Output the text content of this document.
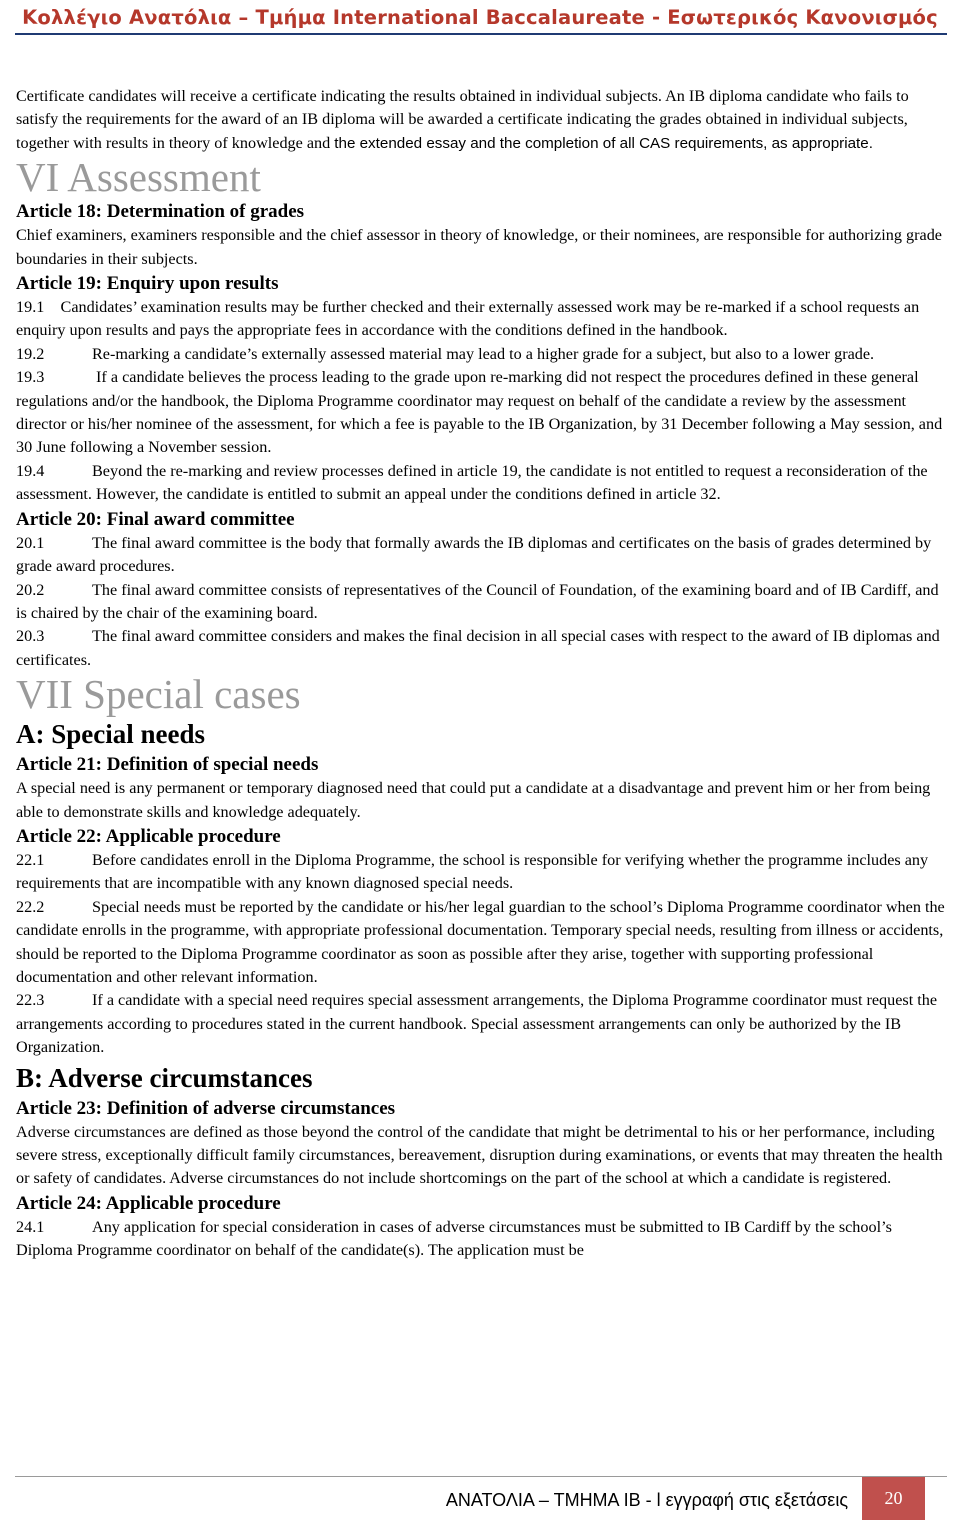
Κολλέγιο Ανατόλια – Τμήμα International Baccalaureate - Εσωτερικός Κανονισμός

Certificate candidates will receive a certificate indicating the results obtained in individual subjects. An IB diploma candidate who fails to satisfy the requirements for the award of an IB diploma will be awarded a certificate indicating the grades obtained in individual subjects, together with results in theory of knowledge and the extended essay and the completion of all CAS requirements, as appropriate.

VI Assessment
Article 18: Determination of grades

Chief examiners, examiners responsible and the chief assessor in theory of knowledge, or their nominees, are responsible for authorizing grade boundaries in their subjects.

Article 19: Enquiry upon results

19.1 Candidates’ examination results may be further checked and their externally assessed work may be re-marked if a school requests an enquiry upon results and pays the appropriate fees in accordance with the conditions defined in the handbook.

19.2	Re-marking a candidate’s externally assessed material may lead to a higher grade for a subject, but also to a lower grade.

19.3	If a candidate believes the process leading to the grade upon re-marking did not respect the procedures defined in these general regulations and/or the handbook, the Diploma Programme coordinator may request on behalf of the candidate a review by the assessment director or his/her nominee of the assessment, for which a fee is payable to the IB Organization, by 31 December following a May session, and 30 June following a November session.

19.4	Beyond the re-marking and review processes defined in article 19, the candidate is not entitled to request a reconsideration of the assessment. However, the candidate is entitled to submit an appeal under the conditions defined in article 32.

Article 20: Final award committee

20.1	The final award committee is the body that formally awards the IB diplomas and certificates on the basis of grades determined by grade award procedures.

20.2	The final award committee consists of representatives of the Council of Foundation, of the examining board and of IB Cardiff, and is chaired by the chair of the examining board.

20.3	The final award committee considers and makes the final decision in all special cases with respect to the award of IB diplomas and certificates.

VII Special cases
A: Special needs
Article 21: Definition of special needs

A special need is any permanent or temporary diagnosed need that could put a candidate at a disadvantage and prevent him or her from being able to demonstrate skills and knowledge adequately.

Article 22: Applicable procedure

22.1	Before candidates enroll in the Diploma Programme, the school is responsible for verifying whether the programme includes any requirements that are incompatible with any known diagnosed special needs.

22.2	Special needs must be reported by the candidate or his/her legal guardian to the school’s Diploma Programme coordinator when the candidate enrolls in the programme, with appropriate professional documentation. Temporary special needs, resulting from illness or accidents, should be reported to the Diploma Programme coordinator as soon as possible after they arise, together with supporting professional documentation and other relevant information.

22.3	If a candidate with a special need requires special assessment arrangements, the Diploma Programme coordinator must request the arrangements according to procedures stated in the current handbook. Special assessment arrangements can only be authorized by the IB Organization.

B: Adverse circumstances
Article 23: Definition of adverse circumstances

Adverse circumstances are defined as those beyond the control of the candidate that might be detrimental to his or her performance, including severe stress, exceptionally difficult family circumstances, bereavement, disruption during examinations, or events that may threaten the health or safety of candidates. Adverse circumstances do not include shortcomings on the part of the school at which a candidate is registered.

Article 24: Applicable procedure

24.1	Any application for special consideration in cases of adverse circumstances must be submitted to IB Cardiff by the school’s Diploma Programme coordinator on behalf of the candidate(s). The application must be

ΑΝΑΤΟΛΙΑ – ΤΜΗΜΑ ΙΒ - l εγγραφή στις εξετάσεις	20
